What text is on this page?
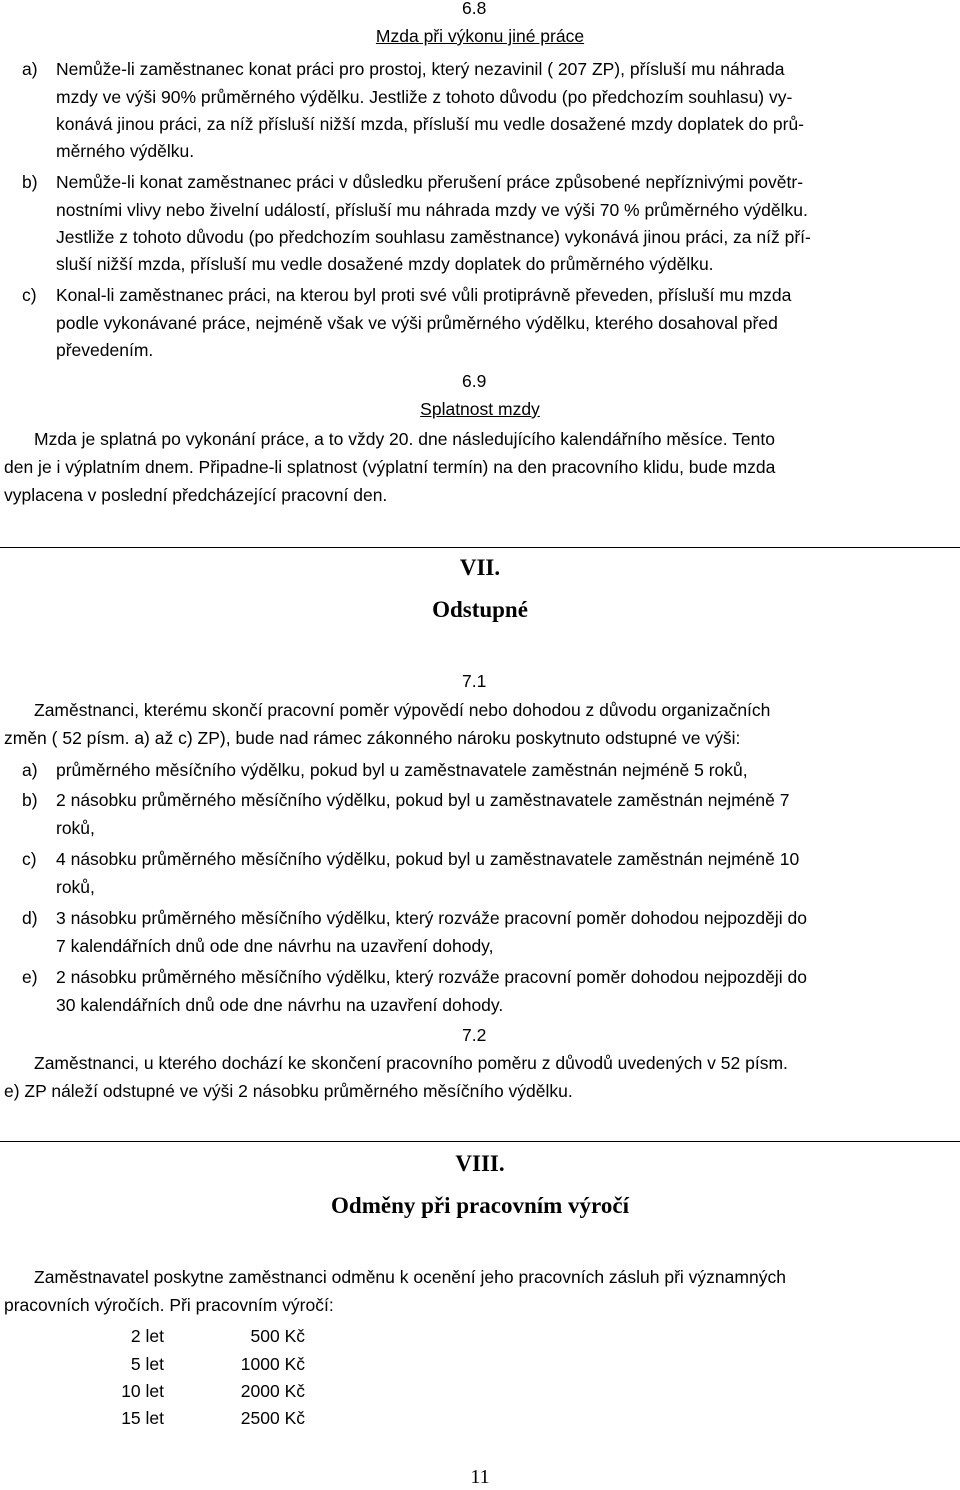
6.8
Mzda při výkonu jiné práce
a) Nemůže-li zaměstnanec konat práci pro prostoj, který nezavinil ( 207 ZP), přísluší mu náhrada
mzdy ve výši 90% průměrného výdělku. Jestliže z tohoto důvodu (po předchozím souhlasu) vy-
konává jinou práci, za níž přísluší nižší mzda, přísluší mu vedle dosažené mzdy doplatek do prů-
měrného výdělku.
b) Nemůže-li konat zaměstnanec práci v důsledku přerušení práce způsobené nepříznivými povětr-
nostními vlivy nebo živelní událostí, přísluší mu náhrada mzdy ve výši 70 % průměrného výdělku.
Jestliže z tohoto důvodu (po předchozím souhlasu zaměstnance) vykonává jinou práci, za níž pří-
sluší nižší mzda, přísluší mu vedle dosažené mzdy doplatek do průměrného výdělku.
c) Konal-li zaměstnanec práci, na kterou byl proti své vůli protiprávně převeden, přísluší mu mzda
podle vykonávané práce, nejméně však ve výši průměrného výdělku, kterého dosahoval před
převedením.
6.9
Splatnost mzdy
Mzda je splatná po vykonání práce, a to vždy 20. dne následujícího kalendářního měsíce. Tento
den je i výplatním dnem. Připadne-li splatnost (výplatní termín) na den pracovního klidu, bude mzda
vyplacena v poslední předcházející pracovní den.
VII.
Odstupné
7.1
Zaměstnanci, kterému skončí pracovní poměr výpovědí nebo dohodou z důvodu organizačních
změn ( 52 písm. a) až c) ZP), bude nad rámec zákonného nároku poskytnuto odstupné ve výši:
a) průměrného měsíčního výdělku, pokud byl u zaměstnavatele zaměstnán nejméně 5 roků,
b) 2 násobku průměrného měsíčního výdělku, pokud byl u zaměstnavatele zaměstnán nejméně 7
roků,
c) 4 násobku průměrného měsíčního výdělku, pokud byl u zaměstnavatele zaměstnán nejméně 10
roků,
d) 3 násobku průměrného měsíčního výdělku, který rozváže pracovní poměr dohodou nejpozději do
7 kalendářních dnů ode dne návrhu na uzavření dohody,
e) 2 násobku průměrného měsíčního výdělku, který rozváže pracovní poměr dohodou nejpozději do
30 kalendářních dnů ode dne návrhu na uzavření dohody.
7.2
Zaměstnanci, u kterého dochází ke skončení pracovního poměru z důvodů uvedených v 52 písm.
e) ZP náleží odstupné ve výši 2 násobku průměrného měsíčního výdělku.
VIII.
Odměny při pracovním výročí
Zaměstnavatel poskytne zaměstnanci odměnu k ocenění jeho pracovních zásluh při významných
pracovních výročích. Při pracovním výročí:
2 let	500 Kč
5 let	1000 Kč
10 let	2000 Kč
15 let	2500 Kč
11
